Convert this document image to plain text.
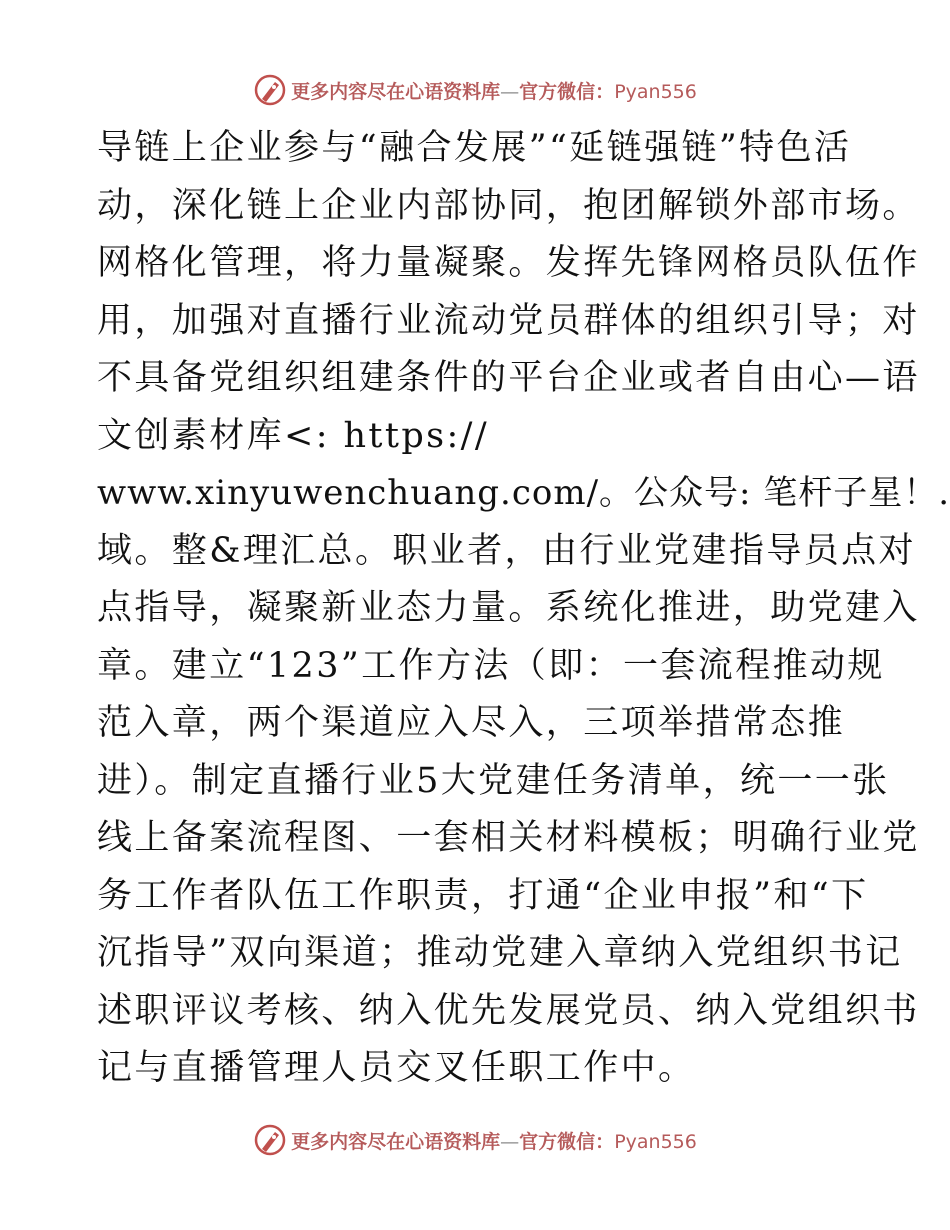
更多内容尽在心语资料库—官方微信：Pyan556
导链上企业参与“融合发展”“延链强链”特色活
动，深化链上企业内部协同，抱团解锁外部市场。
网格化管理，将力量凝聚。发挥先锋网格员队伍作
用，加强对直播行业流动党员群体的组织引导；对
不具备党组织组建条件的平台企业或者自由心—语
文创素材库<: https://
www.xinyuwenchuang.com/。公众号: 笔杆子星！.
域。整&理汇总。职业者，由行业党建指导员点对
点指导，凝聚新业态力量。系统化推进，助党建入
章。建立“123”工作方法（即：一套流程推动规
范入章，两个渠道应入尽入，三项举措常态推
进）。制定直播行业5大党建任务清单，统一一张
线上备案流程图、一套相关材料模板；明确行业党
务工作者队伍工作职责，打通“企业申报”和“下
沉指导”双向渠道；推动党建入章纳入党组织书记
述职评议考核、纳入优先发展党员、纳入党组织书
记与直播管理人员交叉任职工作中。
更多内容尽在心语资料库—官方微信：Pyan556
